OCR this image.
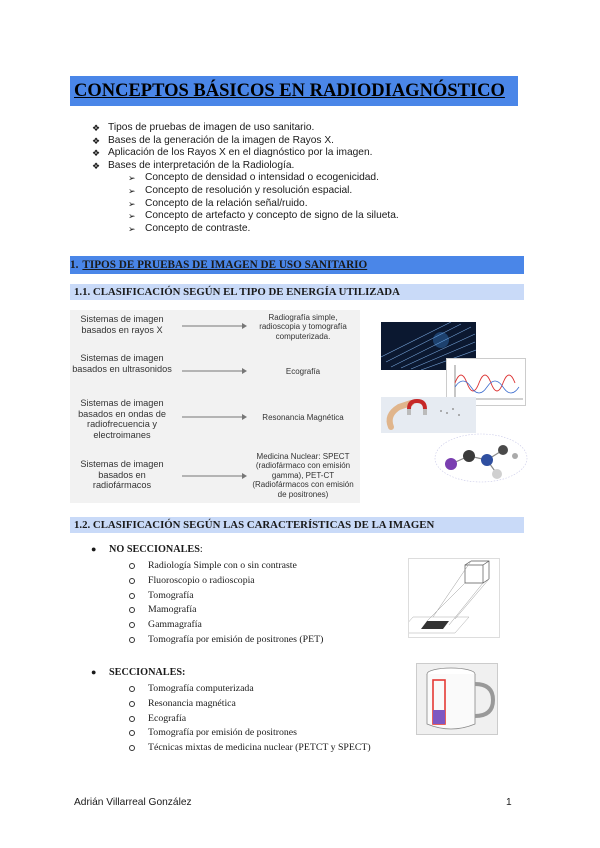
CONCEPTOS BÁSICOS EN RADIODIAGNÓSTICO
❖ Tipos de pruebas de imagen de uso sanitario.
❖ Bases de la generación de la imagen de Rayos X.
❖ Aplicación de los Rayos X en el diagnóstico por la imagen.
❖ Bases de interpretación de la Radiología.
➢ Concepto de densidad o intensidad o ecogenicidad.
➢ Concepto de resolución y resolución espacial.
➢ Concepto de la relación señal/ruido.
➢ Concepto de artefacto y concepto de signo de la silueta.
➢ Concepto de contraste.
1. TIPOS DE PRUEBAS DE IMAGEN DE USO SANITARIO
1.1. CLASIFICACIÓN SEGÚN EL TIPO DE ENERGÍA UTILIZADA
Sistemas de imagen basados en rayos X
Radiografía simple, radioscopia y tomografía computerizada.
Sistemas de imagen basados en ultrasonidos	Ecografía
Sistemas de imagen basados en ondas de radiofrecuencia y electroimanes
Resonancia Magnética
Sistemas de imagen basados en radiofármacos
Medicina Nuclear: SPECT (radiofármaco con emisión gamma), PET-CT (Radiofármacos con emisión de positrones)
1.2. CLASIFICACIÓN SEGÚN LAS CARACTERÍSTICAS DE LA IMAGEN
● NO SECCIONALES:
Radiología Simple con o sin contraste
Fluoroscopio o radioscopia
Tomografía
Mamografía
Gammagrafía
Tomografía por emisión de positrones (PET)
● SECCIONALES:
Tomografía computerizada
Resonancia magnética
Ecografía
Tomografía por emisión de positrones
Técnicas mixtas de medicina nuclear (PETCT y SPECT)
Adrián Villarreal González	1
